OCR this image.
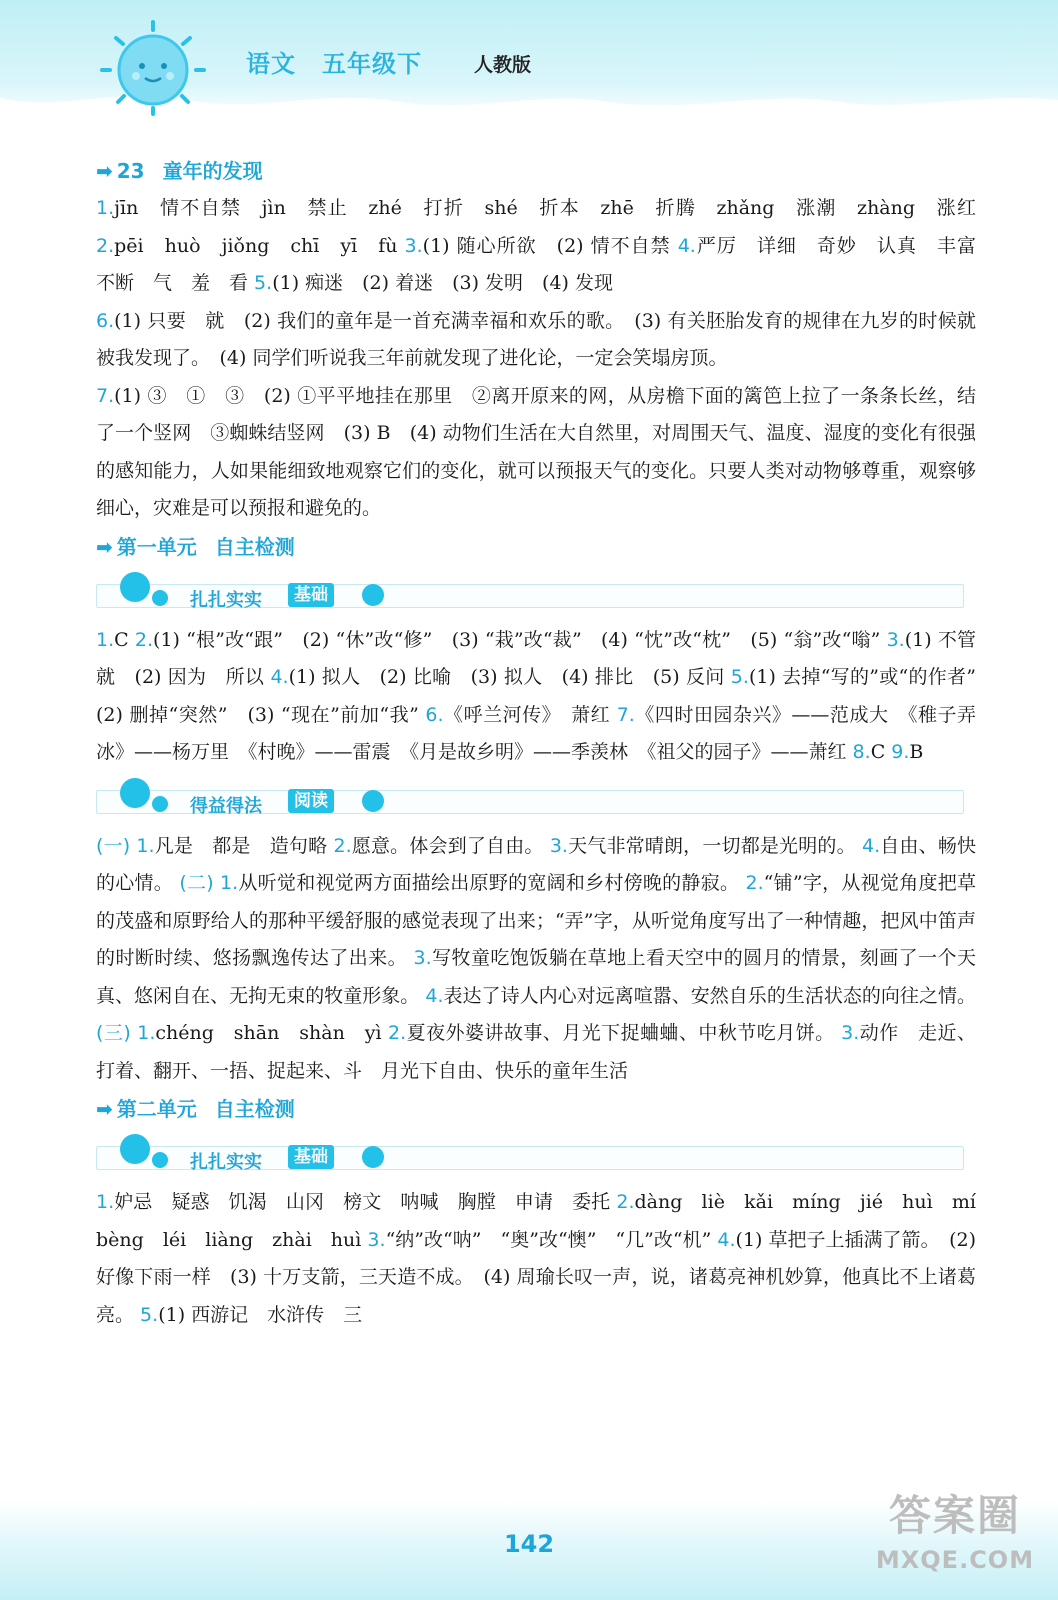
语文 五年级下	人教版
➡ 23 童年的发现
1.jīn　情不自禁　jìn　禁止　zhé　打折　shé　折本　zhē　折腾　zhǎng　涨潮　zhàng　涨红 2.pēi　huò　jiǒng　chī　yī　fù 3.(1) 随心所欲　(2) 情不自禁 4.严厉　详细　奇妙　认真　丰富　不断　气　羞　看 5.(1) 痴迷　(2) 着迷　(3) 发明　(4) 发现
6.(1) 只要　就　(2) 我们的童年是一首充满幸福和欢乐的歌。　(3) 有关胚胎发育的规律在九岁的时候就被我发现了。　(4) 同学们听说我三年前就发现了进化论，一定会笑塌房顶。
7.(1) ③　①　③　(2) ①平平地挂在那里　②离开原来的网，从房檐下面的篱笆上拉了一条条长丝，结了一个竖网　③蜘蛛结竖网　(3) B　(4) 动物们生活在大自然里，对周围天气、温度、湿度的变化有很强的感知能力，人如果能细致地观察它们的变化，就可以预报天气的变化。只要人类对动物够尊重，观察够细心，灾难是可以预报和避免的。
➡ 第一单元 自主检测
扎扎实实	基础
1.C 2.(1) “根”改“跟”　(2) “休”改“修”　(3) “栽”改“裁”　(4) “忱”改“枕”　(5) “翁”改“嗡” 3.(1) 不管　就　(2) 因为　所以 4.(1) 拟人　(2) 比喻　(3) 拟人　(4) 排比　(5) 反问 5.(1) 去掉“写的”或“的作者”　(2) 删掉“突然”　(3) “现在”前加“我” 6.《呼兰河传》　萧红 7.《四时田园杂兴》——范成大　《稚子弄冰》——杨万里　《村晚》——雷震　《月是故乡明》——季羡林　《祖父的园子》——萧红 8.C 9.B
得益得法	阅读
(一) 1.凡是　都是　造句略 2.愿意。体会到了自由。 3.天气非常晴朗，一切都是光明的。 4.自由、畅快的心情。 (二) 1.从听觉和视觉两方面描绘出原野的宽阔和乡村傍晚的静寂。 2.“铺”字，从视觉角度把草的茂盛和原野给人的那种平缓舒服的感觉表现了出来；“弄”字，从听觉角度写出了一种情趣，把风中笛声的时断时续、悠扬飘逸传达了出来。 3.写牧童吃饱饭躺在草地上看天空中的圆月的情景，刻画了一个天真、悠闲自在、无拘无束的牧童形象。 4.表达了诗人内心对远离喧嚣、安然自乐的生活状态的向往之情。 (三) 1.chéng　shān　shàn　yì 2.夏夜外婆讲故事、月光下捉蛐蛐、中秋节吃月饼。 3.动作　走近、打着、翻开、一捂、捉起来、斗　月光下自由、快乐的童年生活
➡ 第二单元 自主检测
扎扎实实	基础
1.妒忌　疑惑　饥渴　山冈　榜文　呐喊　胸膛　申请　委托 2.dàng　liè　kǎi　míng　jié　huì　mí　bèng　léi　liàng　zhài　huì 3.“纳”改“呐”　“奥”改“懊”　“几”改“机” 4.(1) 草把子上插满了箭。　(2) 好像下雨一样　(3) 十万支箭，三天造不成。　(4) 周瑜长叹一声，说，诸葛亮神机妙算，他真比不上诸葛亮。 5.(1) 西游记　水浒传　三
142
答案圈
MXQE.COM
